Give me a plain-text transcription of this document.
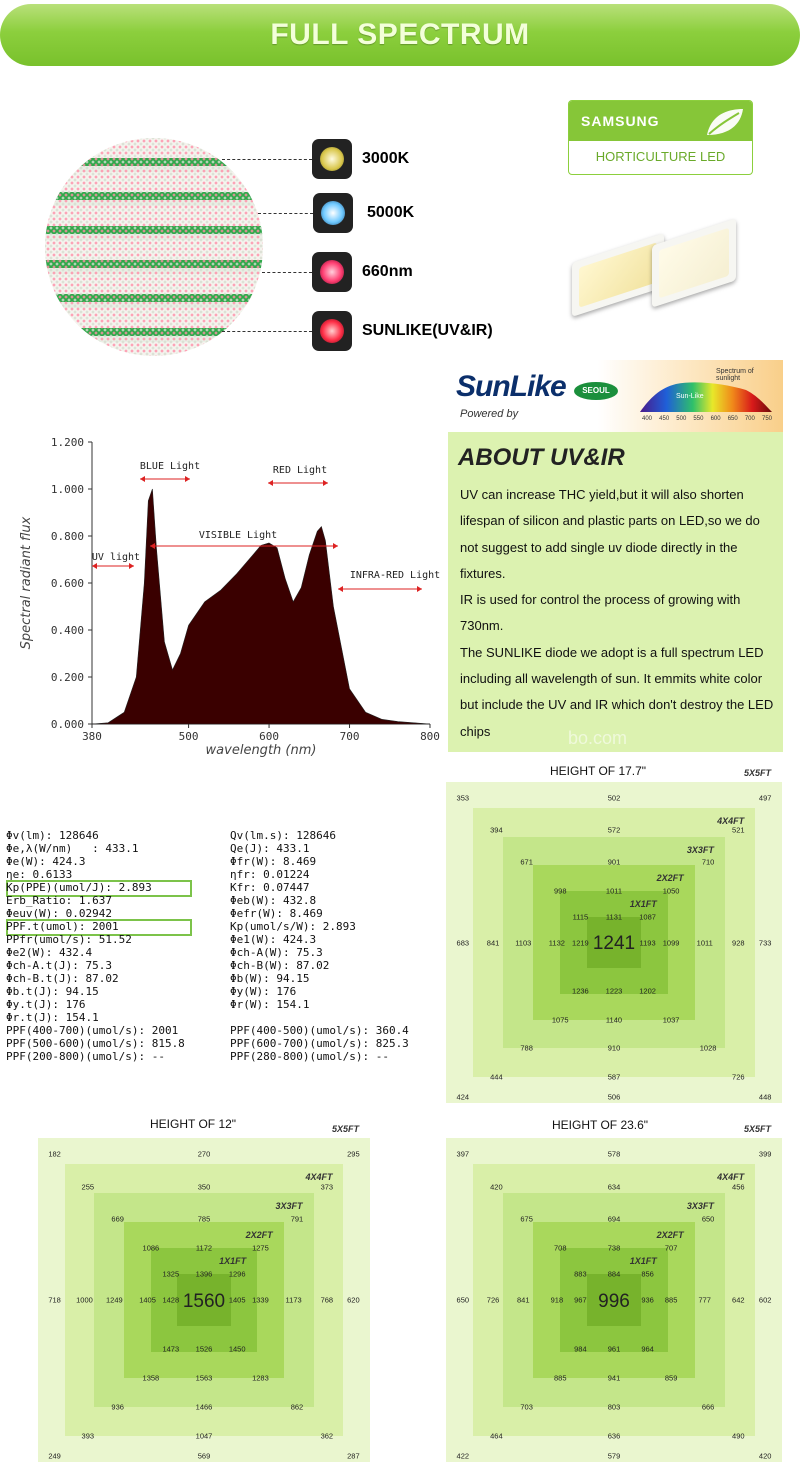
FULL SPECTRUM
3000K
5000K
660nm
SUNLIKE(UV&IR)
SAMSUNG
HORTICULTURE LED
SunLike	SEOUL
Powered by
Spectrum of sunlight
Sun-Like
400 450 500 550 600 650 700 750
ABOUT UV&IR
UV can increase THC yield,but it will also shorten lifespan of silicon and plastic parts on LED,so we do not suggest to add single uv diode directly in the fixtures.
IR is used for control the process of growing with 730nm.
The SUNLIKE diode we adopt is a full spectrum LED including all wavelength of sun. It emmits white color but include the UV and IR which don't destroy the LED chips	bo.com
0.000
0.200
0.400
0.600
0.800
1.000
1.200
380	500	600	700	800
wavelength (nm)
Spectral radiant flux
BLUE Light	RED Light
VISIBLE Light
UV light
INFRA-RED Light
Φv(lm): 128646
Φe,λ(W/nm)   : 433.1
Φe(W): 424.3
ηe: 0.6133
Kp(PPE)(umol/J): 2.893
Erb_Ratio: 1.637
Φeuv(W): 0.02942
PPF.t(umol): 2001
PPfr(umol/s): 51.52
Φe2(W): 432.4
Φch-A.t(J): 75.3
Φch-B.t(J): 87.02
Φb.t(J): 94.15
Φy.t(J): 176
Φr.t(J): 154.1
PPF(400-700)(umol/s): 2001
PPF(500-600)(umol/s): 815.8
PPF(200-800)(umol/s): --
Qv(lm.s): 128646
Qe(J): 433.1
Φfr(W): 8.469
ηfr: 0.01224
Kfr: 0.07447
Φeb(W): 432.8
Φefr(W): 8.469
Kp(umol/s/W): 2.893
Φe1(W): 424.3
Φch-A(W): 75.3
Φch-B(W): 87.02
Φb(W): 94.15
Φy(W): 176
Φr(W): 154.1
PPF(400-500)(umol/s): 360.4
PPF(600-700)(umol/s): 825.3
PPF(280-800)(umol/s): --
HEIGHT OF 17.7"	5X5FT
4X4FT
3X3FT
2X2FT
1X1FT
353	502	497
394	572	521
671	901	710
998	1011	1050
1115 1131 1087
683 841 1103 1132 1219	1193 1099 1011	928 733
1236 1223 1202
1075	1140	1037
788	910	1028
444	587	726
424	506	448
1241
HEIGHT OF 12"	5X5FT
4X4FT
3X3FT
2X2FT
1X1FT
182	270	295
255	350	373
669	785	791
1086	1172	1275
1325 1396 1296
718 1000 1249 1405 1428	1405 1339 1173	768 620
1473 1526 1450
1358	1563	1283
936	1466	862
393	1047	362
249	569	287
1560
HEIGHT OF 23.6"	5X5FT
4X4FT
3X3FT
2X2FT
1X1FT
397	578	399
420	634	456
675	694	650
708	738	707
883	884	856
650 726 841	918 967	936 885	777	642 602
984	961	964
885	941	859
703	803	666
464	636	490
422	579	420
996
